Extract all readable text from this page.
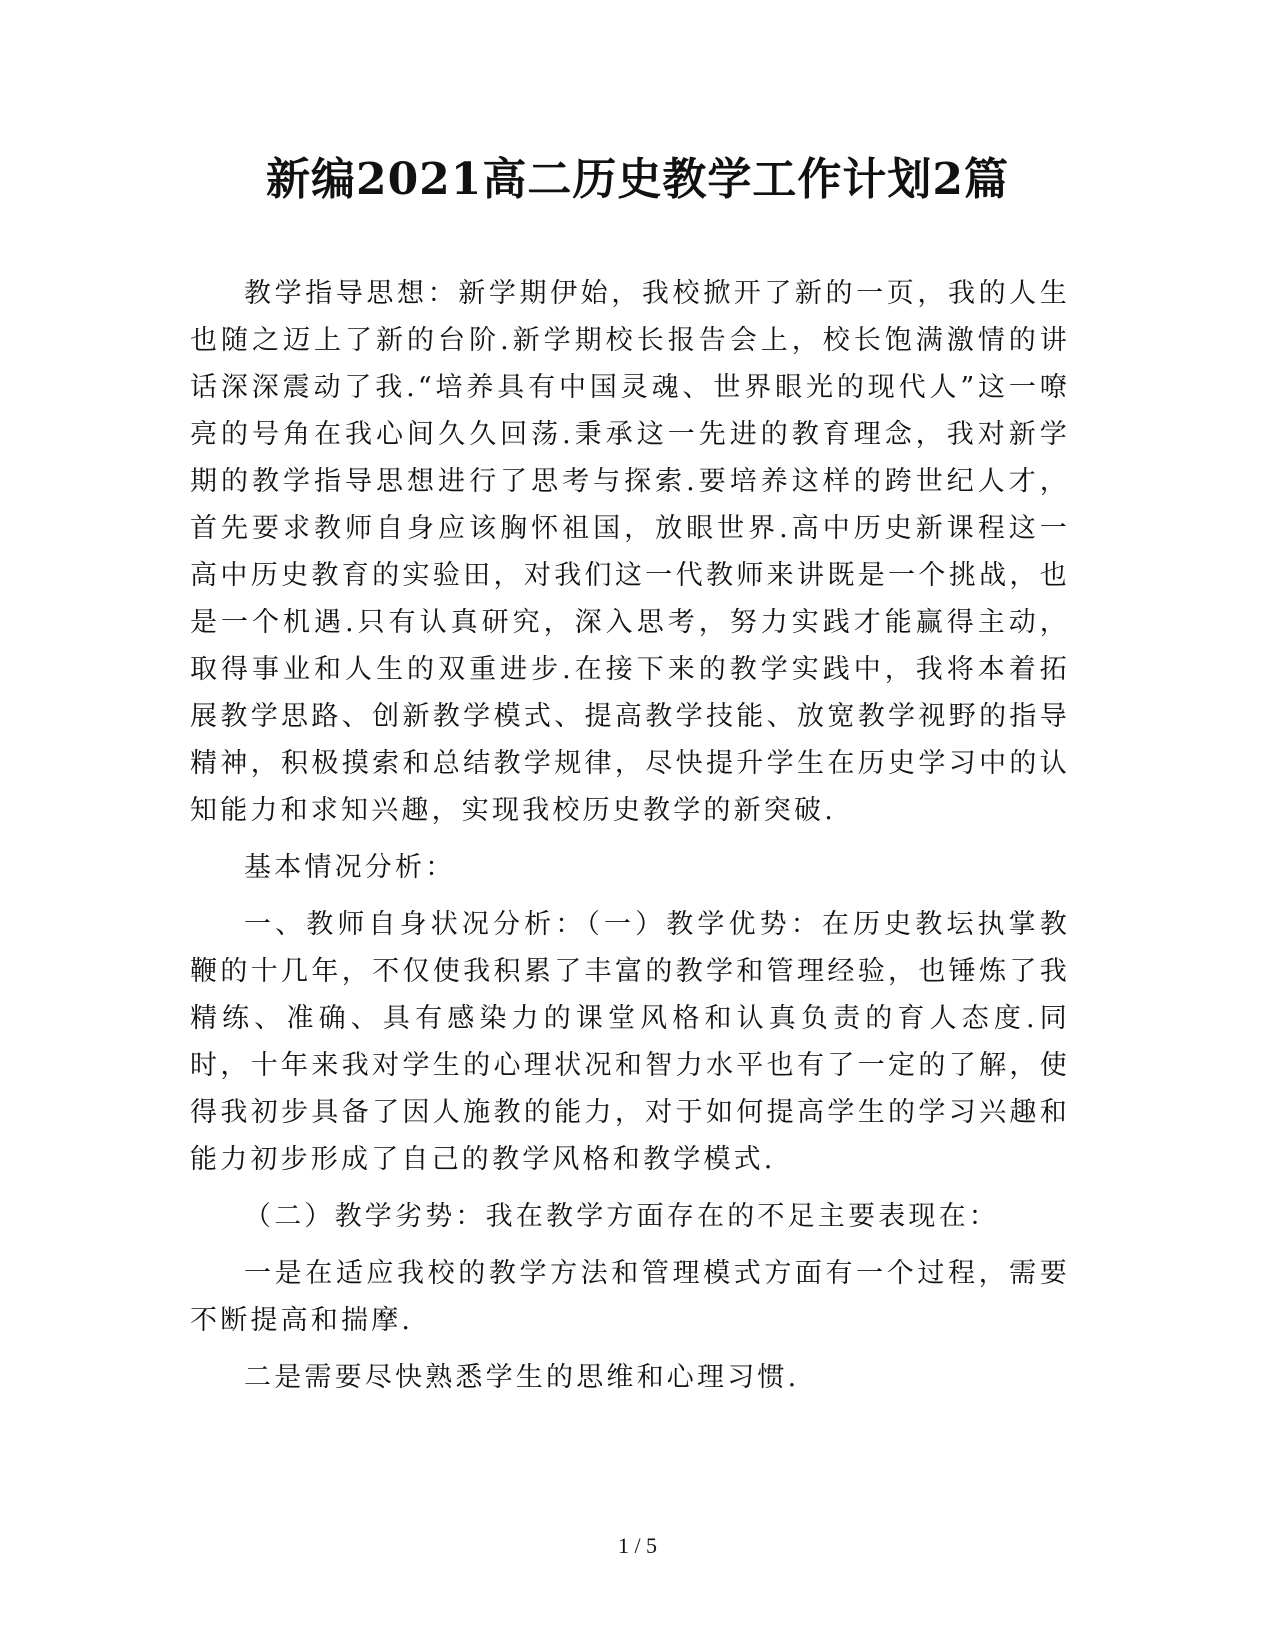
新编2021高二历史教学工作计划2篇

教学指导思想：新学期伊始，我校掀开了新的一页，我的人生也随之迈上了新的台阶.新学期校长报告会上，校长饱满激情的讲话深深震动了我.“培养具有中国灵魂、世界眼光的现代人”这一嘹亮的号角在我心间久久回荡.秉承这一先进的教育理念，我对新学期的教学指导思想进行了思考与探索.要培养这样的跨世纪人才，首先要求教师自身应该胸怀祖国，放眼世界.高中历史新课程这一高中历史教育的实验田，对我们这一代教师来讲既是一个挑战，也是一个机遇.只有认真研究，深入思考，努力实践才能赢得主动，取得事业和人生的双重进步.在接下来的教学实践中，我将本着拓展教学思路、创新教学模式、提高教学技能、放宽教学视野的指导精神，积极摸索和总结教学规律，尽快提升学生在历史学习中的认知能力和求知兴趣，实现我校历史教学的新突破.

基本情况分析：

一、教师自身状况分析：（一）教学优势：在历史教坛执掌教鞭的十几年，不仅使我积累了丰富的教学和管理经验，也锤炼了我精练、准确、具有感染力的课堂风格和认真负责的育人态度.同时，十年来我对学生的心理状况和智力水平也有了一定的了解，使得我初步具备了因人施教的能力，对于如何提高学生的学习兴趣和能力初步形成了自己的教学风格和教学模式.

（二）教学劣势：我在教学方面存在的不足主要表现在：

一是在适应我校的教学方法和管理模式方面有一个过程，需要不断提高和揣摩.

二是需要尽快熟悉学生的思维和心理习惯.

1 / 5
